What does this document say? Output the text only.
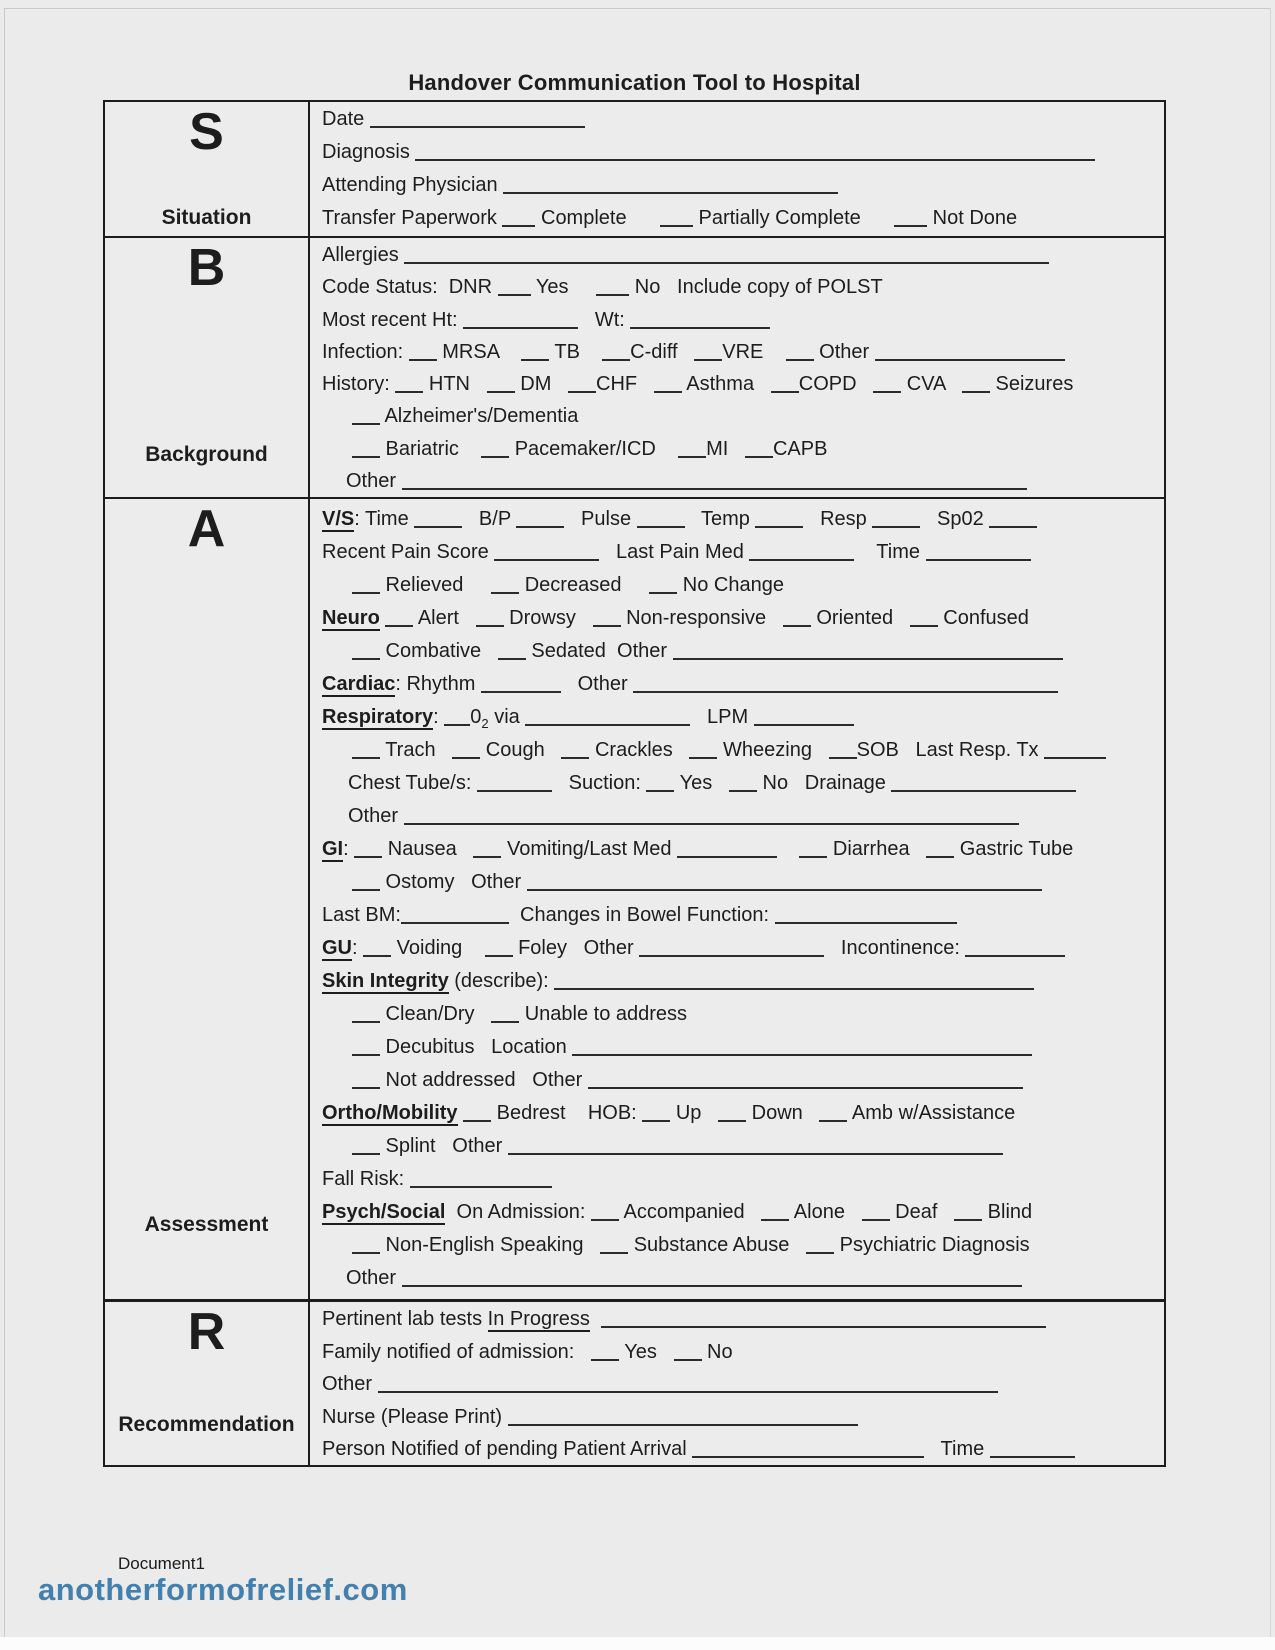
Handover Communication Tool to Hospital
S
Situation
Date
Diagnosis
Attending Physician
Transfer Paperwork  Complete       Partially Complete       Not Done
B
Background
Allergies
Code Status:  DNR  Yes      No   Include copy of POLST
Most recent Ht:	Wt:
Infection:  MRSA     TB    C-diff   VRE     Other
History:  HTN    DM   CHF    Asthma   COPD    CVA    Seizures
Alzheimer's/Dementia
Bariatric     Pacemaker/ICD    MI   CAPB
Other
A
Assessment
V/S: Time    B/P    Pulse    Temp    Resp    Sp02
Recent Pain Score	Last Pain Med	Time
Relieved      Decreased      No Change
Neuro  Alert    Drowsy    Non-responsive    Oriented    Confused
Combative    Sedated  Other
Cardiac: Rhythm	Other
Respiratory: $0_2$ via	LPM
Trach    Cough    Crackles    Wheezing   SOB   Last Resp. Tx
Chest Tube/s:	Suction:  Yes    No   Drainage
Other
GI:  Nausea    Vomiting/Last Med	Diarrhea    Gastric Tube
Ostomy   Other
Last BM:	Changes in Bowel Function:
GU:  Voiding     Foley   Other	Incontinence:
Skin Integrity (describe):
Clean/Dry    Unable to address
Decubitus   Location
Not addressed   Other
Ortho/Mobility  Bedrest    HOB:  Up    Down    Amb w/Assistance
Splint   Other
Fall Risk:
Psych/Social  On Admission:  Accompanied    Alone    Deaf    Blind
Non-English Speaking    Substance Abuse    Psychiatric Diagnosis
Other
R
Recommendation
Pertinent lab tests In Progress
Family notified of admission:    Yes    No
Other
Nurse (Please Print)
Person Notified of pending Patient Arrival	Time
Document1
anotherformofrelief.com
